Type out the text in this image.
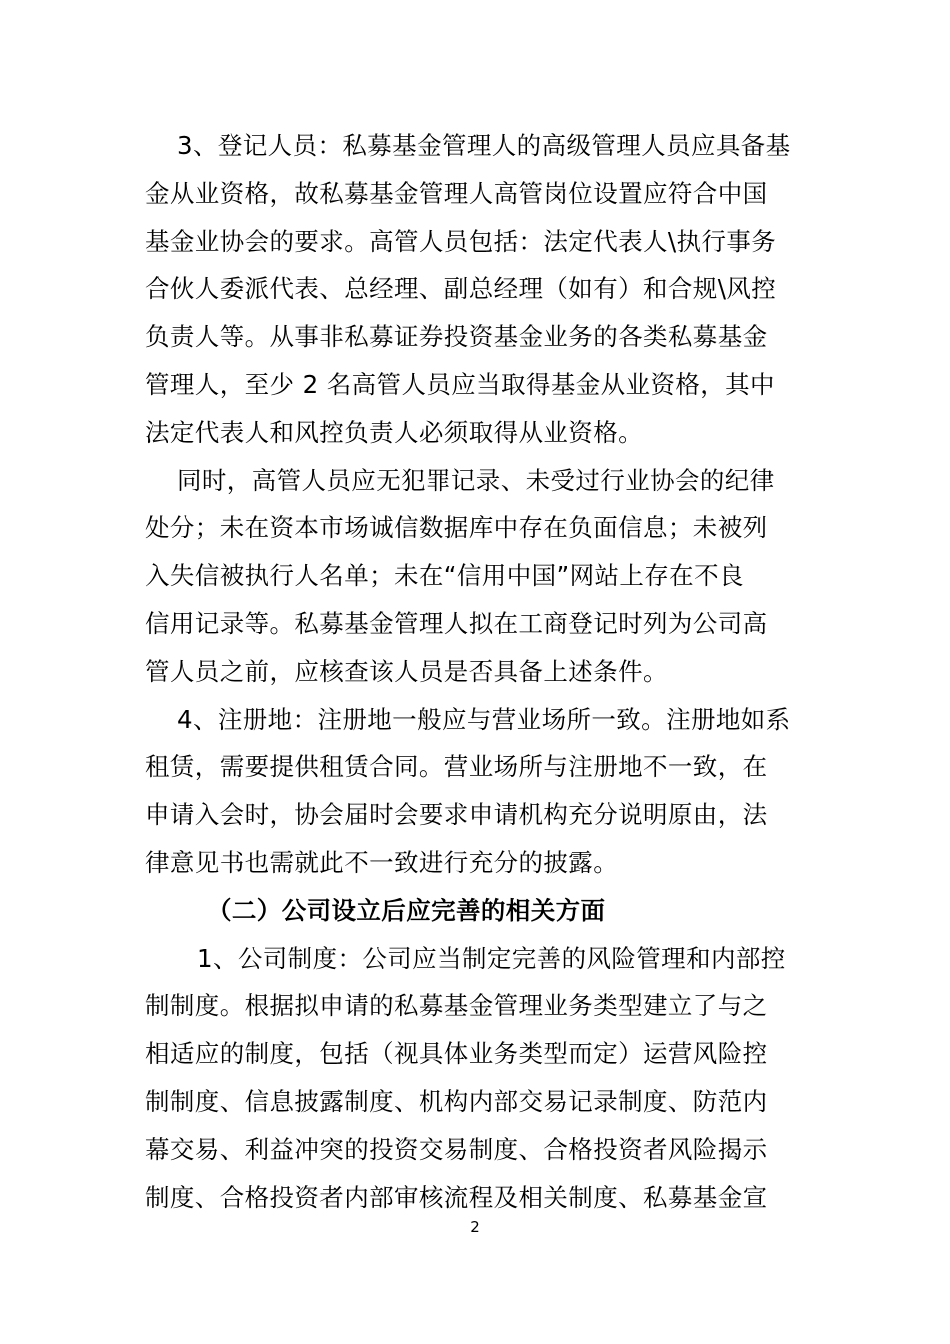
3、登记人员：私募基金管理人的高级管理人员应具备基
金从业资格，故私募基金管理人高管岗位设置应符合中国
基金业协会的要求。高管人员包括：法定代表人\执行事务
合伙人委派代表、总经理、副总经理（如有）和合规\风控
负责人等。从事非私募证券投资基金业务的各类私募基金
管理人，至少 2 名高管人员应当取得基金从业资格，其中
法定代表人和风控负责人必须取得从业资格。
同时，高管人员应无犯罪记录、未受过行业协会的纪律
处分；未在资本市场诚信数据库中存在负面信息；未被列
入失信被执行人名单；未在“信用中国”网站上存在不良
信用记录等。私募基金管理人拟在工商登记时列为公司高
管人员之前，应核查该人员是否具备上述条件。
4、注册地：注册地一般应与营业场所一致。注册地如系
租赁，需要提供租赁合同。营业场所与注册地不一致，在
申请入会时，协会届时会要求申请机构充分说明原由，法
律意见书也需就此不一致进行充分的披露。
（二）公司设立后应完善的相关方面
1、公司制度：公司应当制定完善的风险管理和内部控
制制度。根据拟申请的私募基金管理业务类型建立了与之
相适应的制度，包括（视具体业务类型而定）运营风险控
制制度、信息披露制度、机构内部交易记录制度、防范内
幕交易、利益冲突的投资交易制度、合格投资者风险揭示
制度、合格投资者内部审核流程及相关制度、私募基金宣
2
